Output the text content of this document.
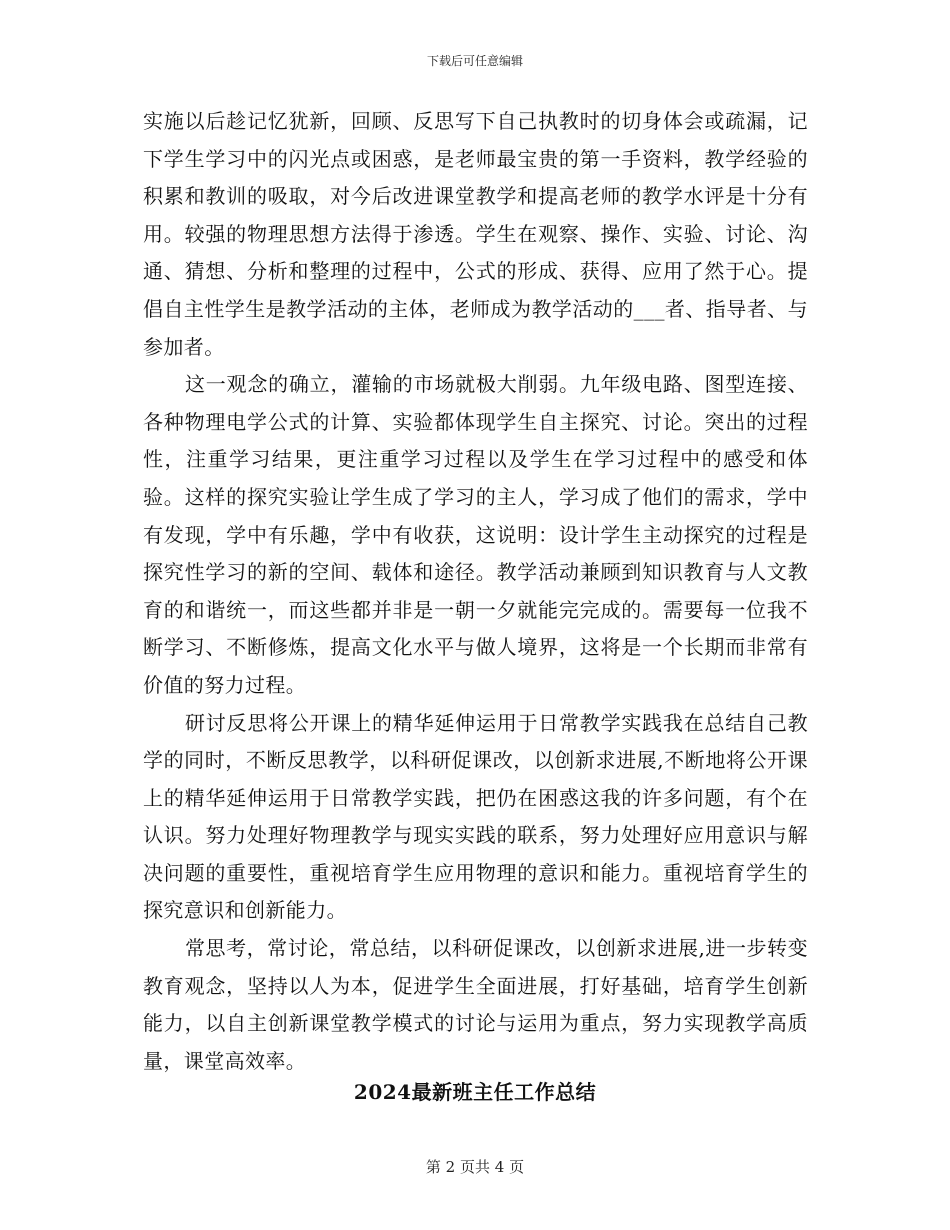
下载后可任意编辑

实施以后趁记忆犹新，回顾、反思写下自己执教时的切身体会或疏漏，记下学生学习中的闪光点或困惑，是老师最宝贵的第一手资料，教学经验的积累和教训的吸取，对今后改进课堂教学和提高老师的教学水评是十分有用。较强的物理思想方法得于渗透。学生在观察、操作、实验、讨论、沟通、猜想、分析和整理的过程中，公式的形成、获得、应用了然于心。提倡自主性学生是教学活动的主体，老师成为教学活动的___者、指导者、与参加者。

这一观念的确立，灌输的市场就极大削弱。九年级电路、图型连接、各种物理电学公式的计算、实验都体现学生自主探究、讨论。突出的过程性，注重学习结果，更注重学习过程以及学生在学习过程中的感受和体验。这样的探究实验让学生成了学习的主人，学习成了他们的需求，学中有发现，学中有乐趣，学中有收获，这说明：设计学生主动探究的过程是探究性学习的新的空间、载体和途径。教学活动兼顾到知识教育与人文教育的和谐统一，而这些都并非是一朝一夕就能完完成的。需要每一位我不断学习、不断修炼，提高文化水平与做人境界，这将是一个长期而非常有价值的努力过程。

研讨反思将公开课上的精华延伸运用于日常教学实践我在总结自己教学的同时，不断反思教学，以科研促课改，以创新求进展,不断地将公开课上的精华延伸运用于日常教学实践，把仍在困惑这我的许多问题，有个在认识。努力处理好物理教学与现实实践的联系，努力处理好应用意识与解决问题的重要性，重视培育学生应用物理的意识和能力。重视培育学生的探究意识和创新能力。

常思考，常讨论，常总结，以科研促课改，以创新求进展,进一步转变教育观念，坚持以人为本，促进学生全面进展，打好基础，培育学生创新能力，以自主创新课堂教学模式的讨论与运用为重点，努力实现教学高质量，课堂高效率。

2024最新班主任工作总结
第 2 页共 4 页
